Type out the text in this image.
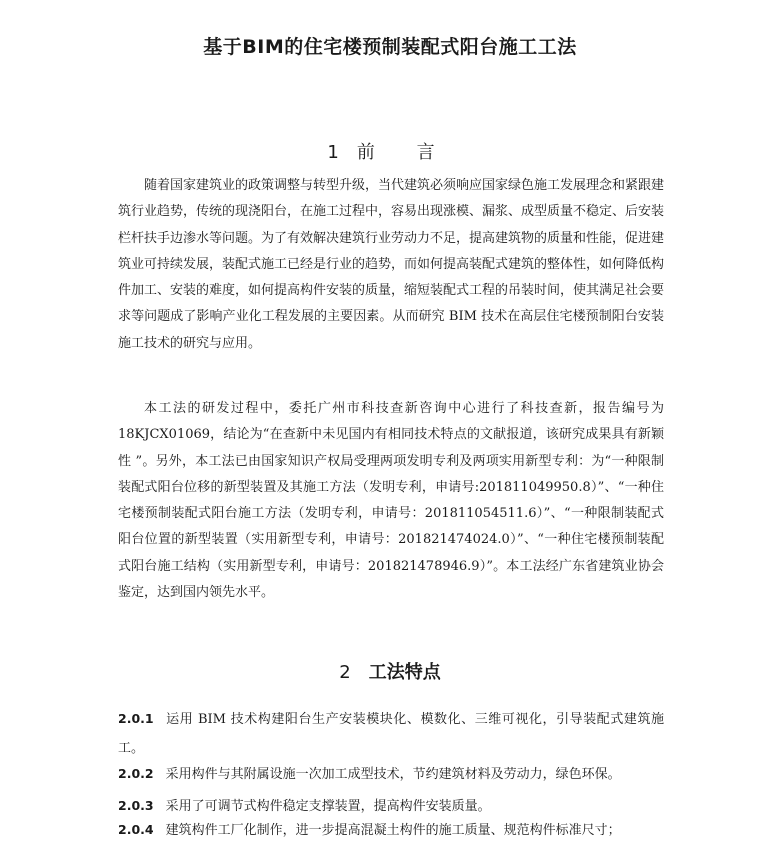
基于BIM的住宅楼预制装配式阳台施工工法
1 前 言

随着国家建筑业的政策调整与转型升级，当代建筑必须响应国家绿色施工发展理念和紧跟建筑行业趋势，传统的现浇阳台，在施工过程中，容易出现涨模、漏浆、成型质量不稳定、后安装栏杆扶手边渗水等问题。为了有效解决建筑行业劳动力不足，提高建筑物的质量和性能，促进建筑业可持续发展，装配式施工已经是行业的趋势，而如何提高装配式建筑的整体性，如何降低构件加工、安装的难度，如何提高构件安装的质量，缩短装配式工程的吊装时间，使其满足社会要求等问题成了影响产业化工程发展的主要因素。从而研究 BIM 技术在高层住宅楼预制阳台安装施工技术的研究与应用。

本工法的研发过程中，委托广州市科技查新咨询中心进行了科技查新，报告编号为18KJCX01069，结论为“在查新中未见国内有相同技术特点的文献报道，该研究成果具有新颖性 ”。另外，本工法已由国家知识产权局受理两项发明专利及两项实用新型专利：为“一种限制装配式阳台位移的新型装置及其施工方法（发明专利，申请号:201811049950.8）”、“一种住宅楼预制装配式阳台施工方法（发明专利，申请号：201811054511.6）”、“一种限制装配式阳台位置的新型装置（实用新型专利，申请号：201821474024.0）”、“一种住宅楼预制装配式阳台施工结构（实用新型专利，申请号：201821478946.9）”。本工法经广东省建筑业协会鉴定，达到国内领先水平。

2 工法特点

2.0.1 运用 BIM 技术构建阳台生产安装模块化、模数化、三维可视化，引导装配式建筑施工。

2.0.2 采用构件与其附属设施一次加工成型技术，节约建筑材料及劳动力，绿色环保。

2.0.3 采用了可调节式构件稳定支撑装置，提高构件安装质量。

2.0.4 建筑构件工厂化制作，进一步提高混凝土构件的施工质量、规范构件标准尺寸；
